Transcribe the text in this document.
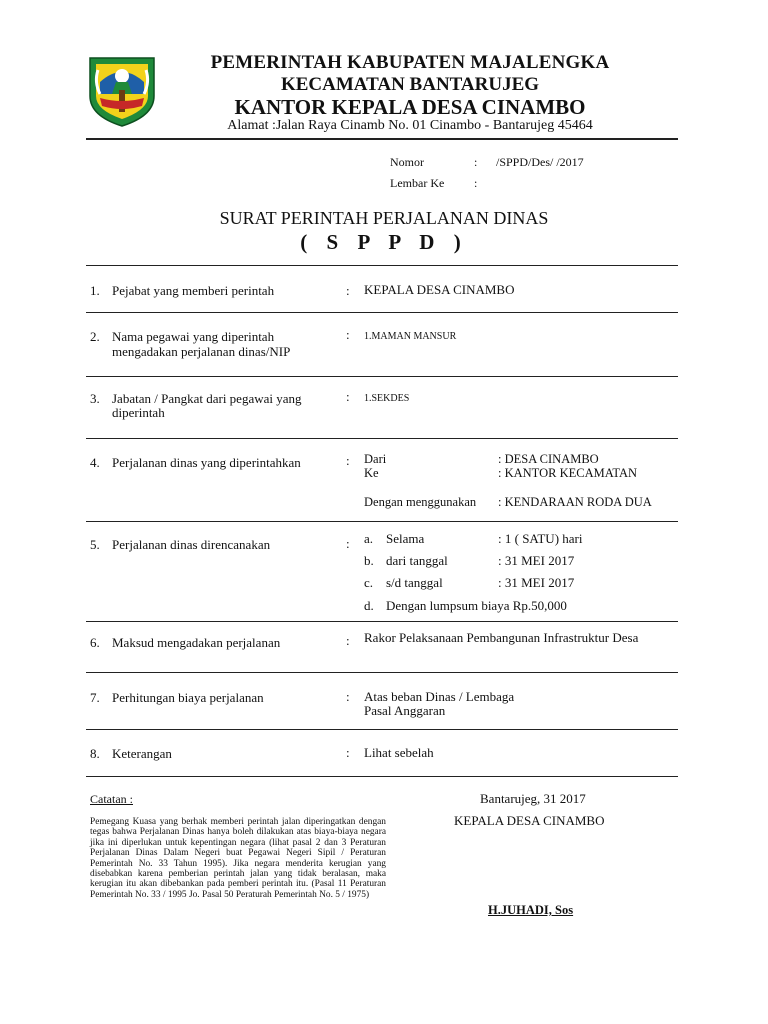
PEMERINTAH KABUPATEN MAJALENGKA
KECAMATAN BANTARUJEG
KANTOR KEPALA DESA CINAMBO
Alamat :Jalan Raya Cinamb No. 01 Cinambo - Bantarujeg 45464
Nomor	: /SPPD/Des/ /2017
Lembar Ke :
SURAT PERINTAH PERJALANAN DINAS
( S P P D )
1. Pejabat yang memberi perintah	: KEPALA DESA CINAMBO
2. Nama pegawai yang diperintah
mengadakan perjalanan dinas/NIP
: 1.MAMAN MANSUR
3. Jabatan / Pangkat dari pegawai yang
diperintah
: 1.SEKDES
4. Perjalanan dinas yang diperintahkan	: Dari	: DESA CINAMBO
Ke	: KANTOR KECAMATAN
Dengan menggunakan : KENDARAAN RODA DUA
5. Perjalanan dinas direncanakan	: a. Selama	: 1 ( SATU) hari
b. dari tanggal	: 31 MEI 2017
c. s/d tanggal	: 31 MEI 2017
d. Dengan lumpsum biaya Rp.50,000
6. Maksud mengadakan perjalanan	: Rakor Pelaksanaan Pembangunan Infrastruktur Desa
7. Perhitungan biaya perjalanan	: Atas beban Dinas / Lembaga
Pasal Anggaran
8. Keterangan	: Lihat sebelah
Catatan :
Pemegang Kuasa yang berhak memberi perintah jalan diperingatkan dengan tegas bahwa Perjalanan Dinas hanya boleh dilakukan atas biaya-biaya negara jika ini diperlukan untuk kepentingan negara (lihat pasal 2 dan 3 Peraturan Perjalanan Dinas Dalam Negeri buat Pegawai Negeri Sipil / Peraturan Pemerintah No. 33 Tahun 1995). Jika negara menderita kerugian yang disebabkan karena pemberian perintah jalan yang tidak beralasan, maka kerugian itu akan dibebankan pada pemberi perintah itu. (Pasal 11 Peraturan Pemerintah No. 33 / 1995 Jo. Pasal 50 Peraturah Pemerintah No. 5 / 1975)
Bantarujeg, 31 2017
KEPALA DESA CINAMBO
H.JUHADI, Sos
